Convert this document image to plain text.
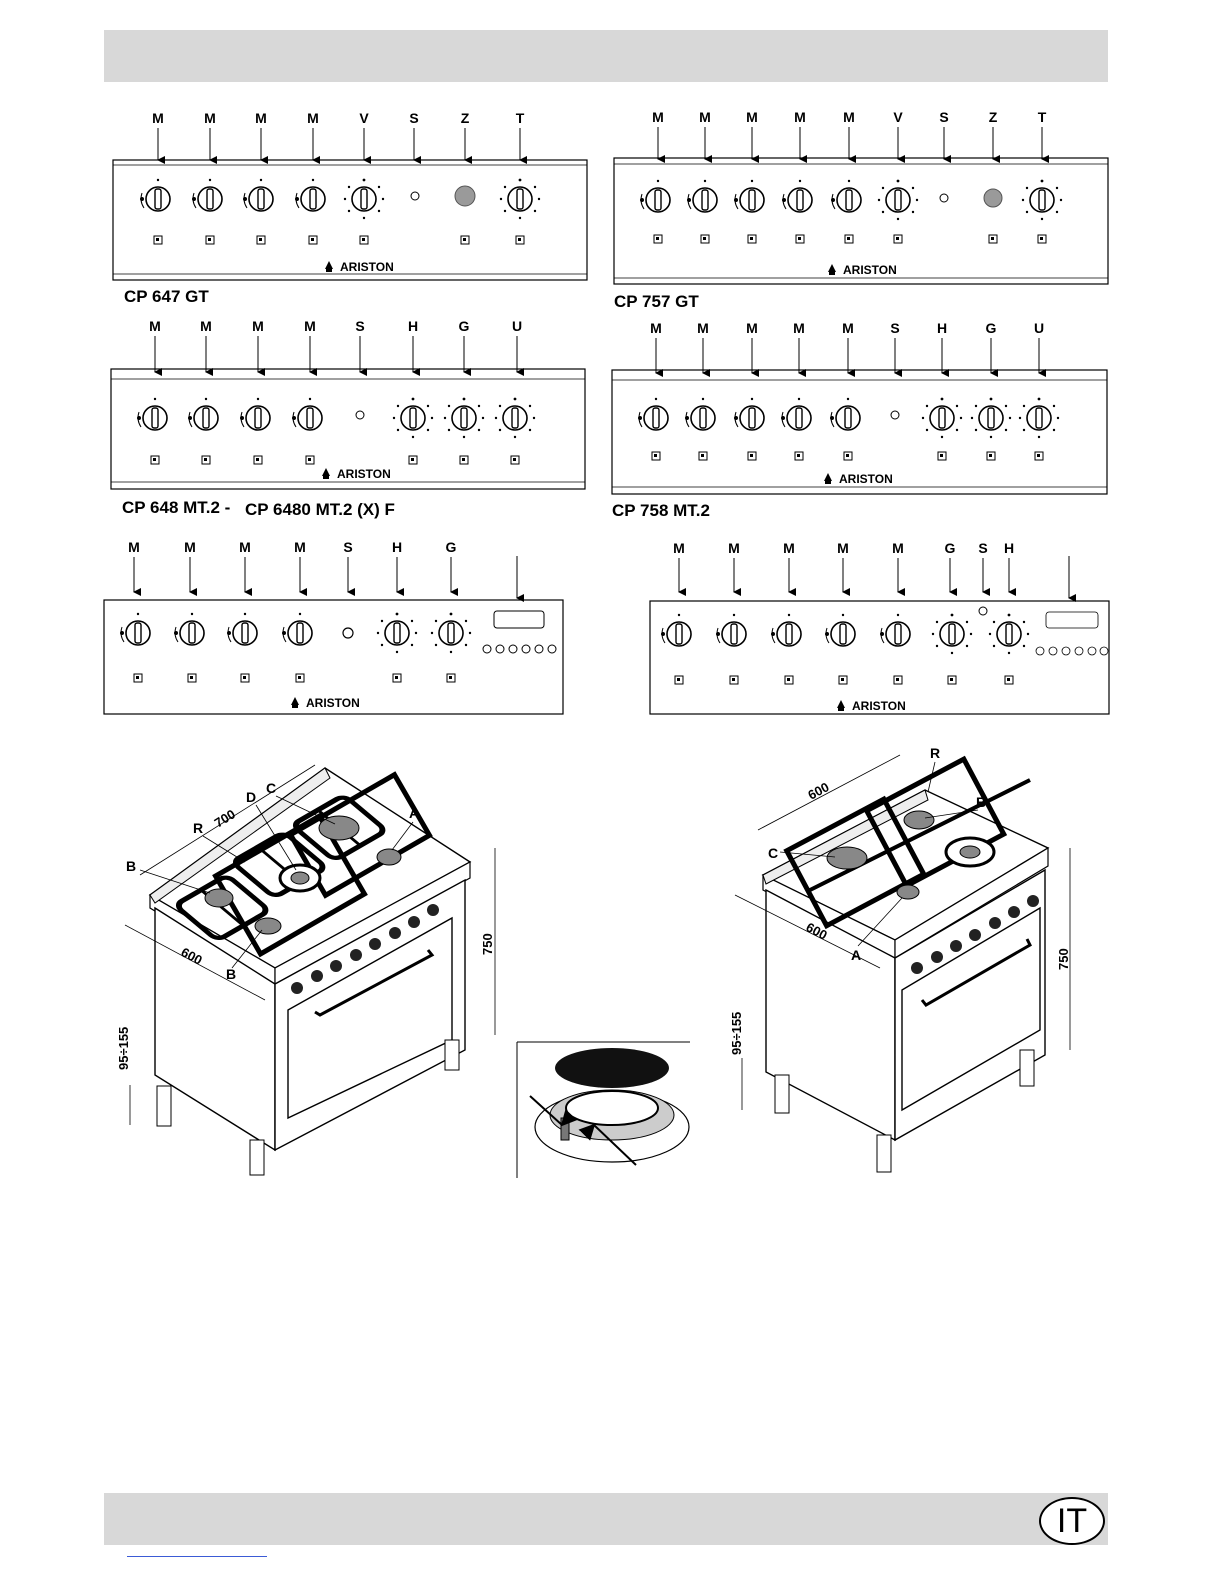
M	M	M	M	V	S	Z	T
ARISTON
CP 647 GT
M	M	M	M	M	V	S	Z	T
ARISTON
CP 757 GT
M	M	M	M	S	H	G	U
ARISTON
CP 648 MT.2 - CP 6480 MT.2 (X) F
M	M	M	M	M	S	H	G	U
ARISTON
CP 758 MT.2
M	M	M	M	S	H	G
ARISTON
M	M	M	M	M	G S H
ARISTON
700
600
750
95÷155
A
B
B
C
D
R
600
600
750
95÷155
A
B
C
R
IT
